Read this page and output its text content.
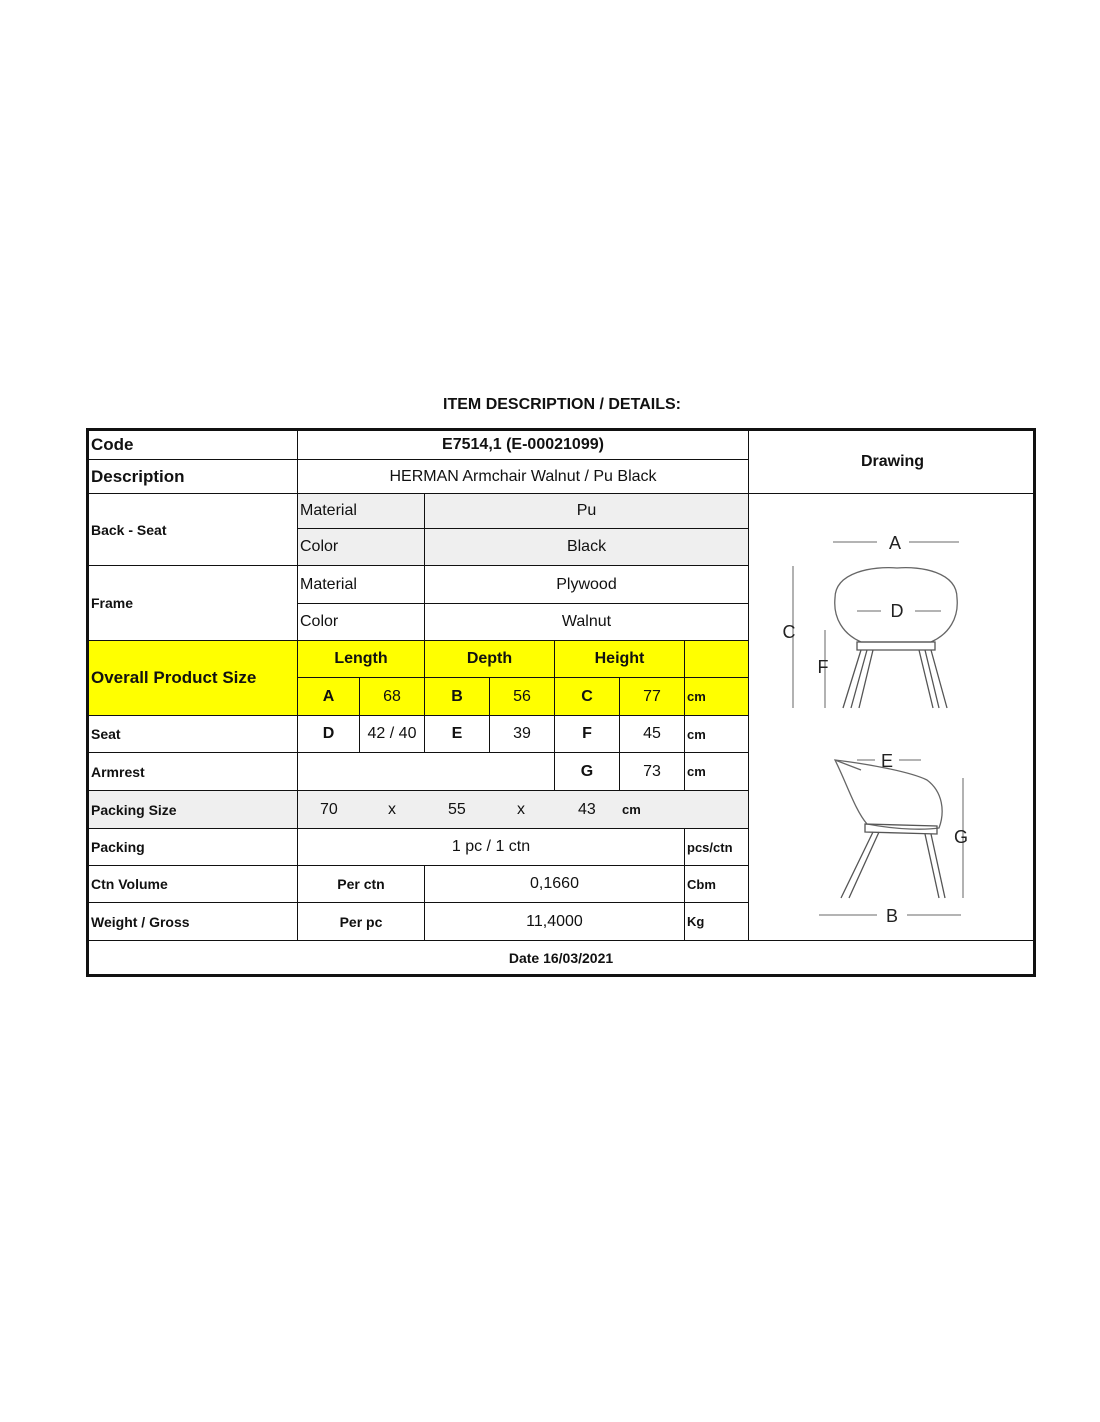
ITEM DESCRIPTION / DETAILS:
Code	E7514,1 (E-00021099)
Description	HERMAN Armchair Walnut / Pu Black
Drawing
Back - Seat
Material	Pu
Color	Black
Frame
Material	Plywood
Color	Walnut
Overall Product Size
Length	Depth	Height
A	68	B	56	C	77	cm
Seat	D	42 / 40	E	39	F	45	cm
Armrest	G	73	cm
Packing Size	70	x	55	x	43 cm
Packing	1 pc / 1 ctn	pcs/ctn
Ctn Volume	Per ctn	0,1660	Cbm
Weight / Gross	Per pc	11,4000	Kg
A
C
D
F
E
G
B
Date 16/03/2021
